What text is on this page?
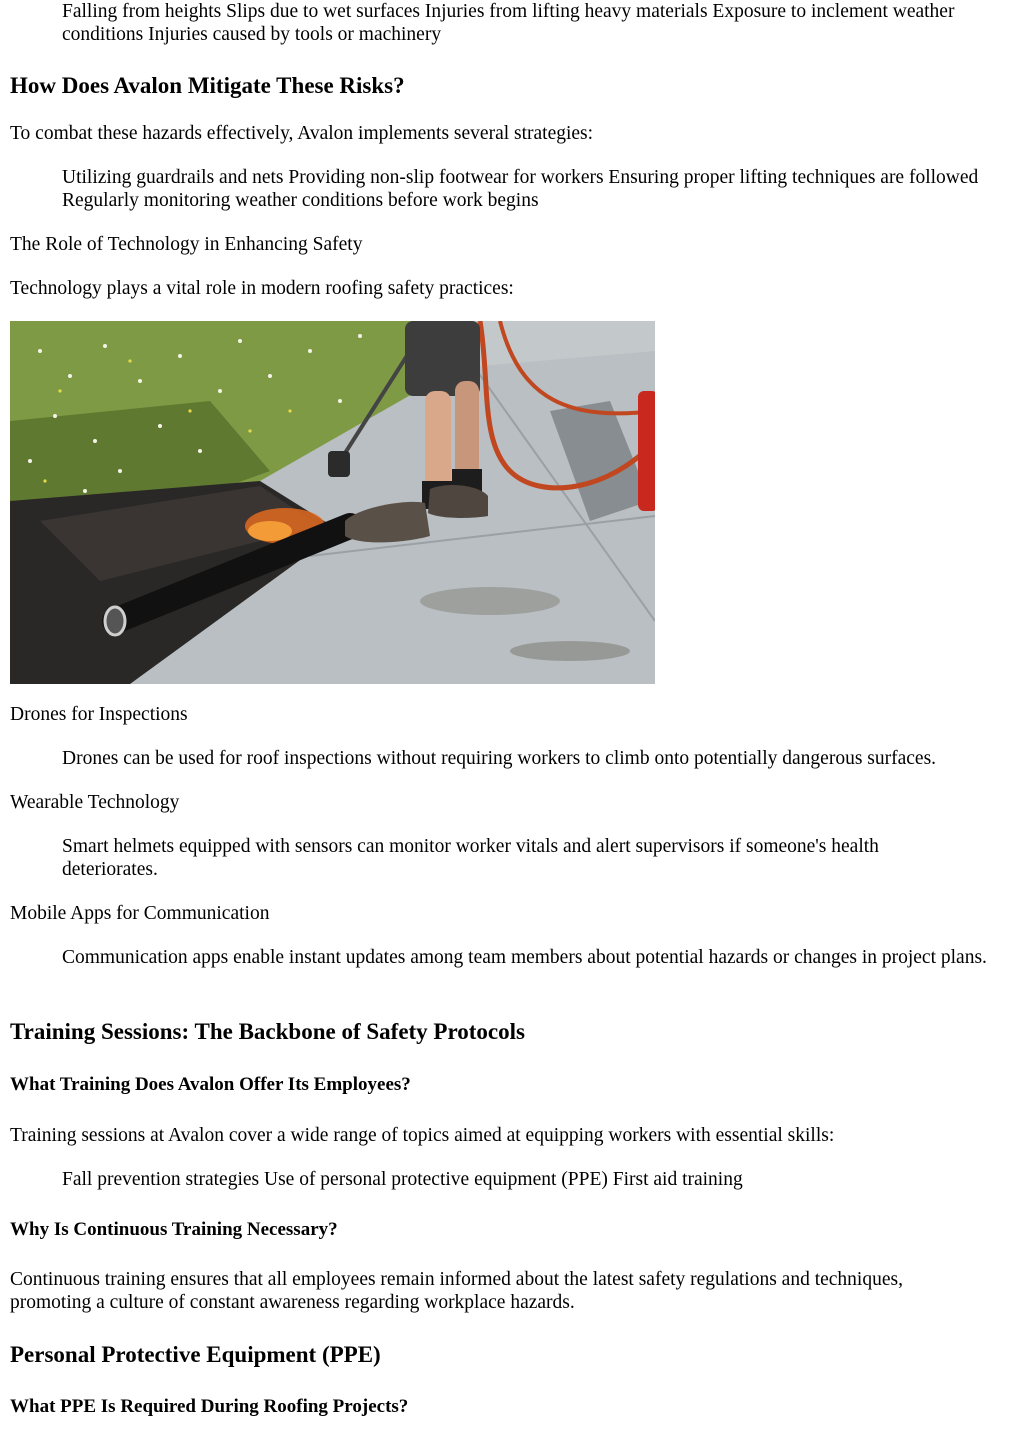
Falling from heights Slips due to wet surfaces Injuries from lifting heavy materials Exposure to inclement weather conditions Injuries caused by tools or machinery
How Does Avalon Mitigate These Risks?

To combat these hazards effectively, Avalon implements several strategies:

Utilizing guardrails and nets Providing non-slip footwear for workers Ensuring proper lifting techniques are followed Regularly monitoring weather conditions before work begins

The Role of Technology in Enhancing Safety

Technology plays a vital role in modern roofing safety practices:

Drones for Inspections

Drones can be used for roof inspections without requiring workers to climb onto potentially dangerous surfaces.

Wearable Technology

Smart helmets equipped with sensors can monitor worker vitals and alert supervisors if someone's health deteriorates.

Mobile Apps for Communication

Communication apps enable instant updates among team members about potential hazards or changes in project plans.
Training Sessions: The Backbone of Safety Protocols
What Training Does Avalon Offer Its Employees?

Training sessions at Avalon cover a wide range of topics aimed at equipping workers with essential skills:

Fall prevention strategies Use of personal protective equipment (PPE) First aid training
Why Is Continuous Training Necessary?

Continuous training ensures that all employees remain informed about the latest safety regulations and techniques, promoting a culture of constant awareness regarding workplace hazards.

Personal Protective Equipment (PPE)
What PPE Is Required During Roofing Projects?
